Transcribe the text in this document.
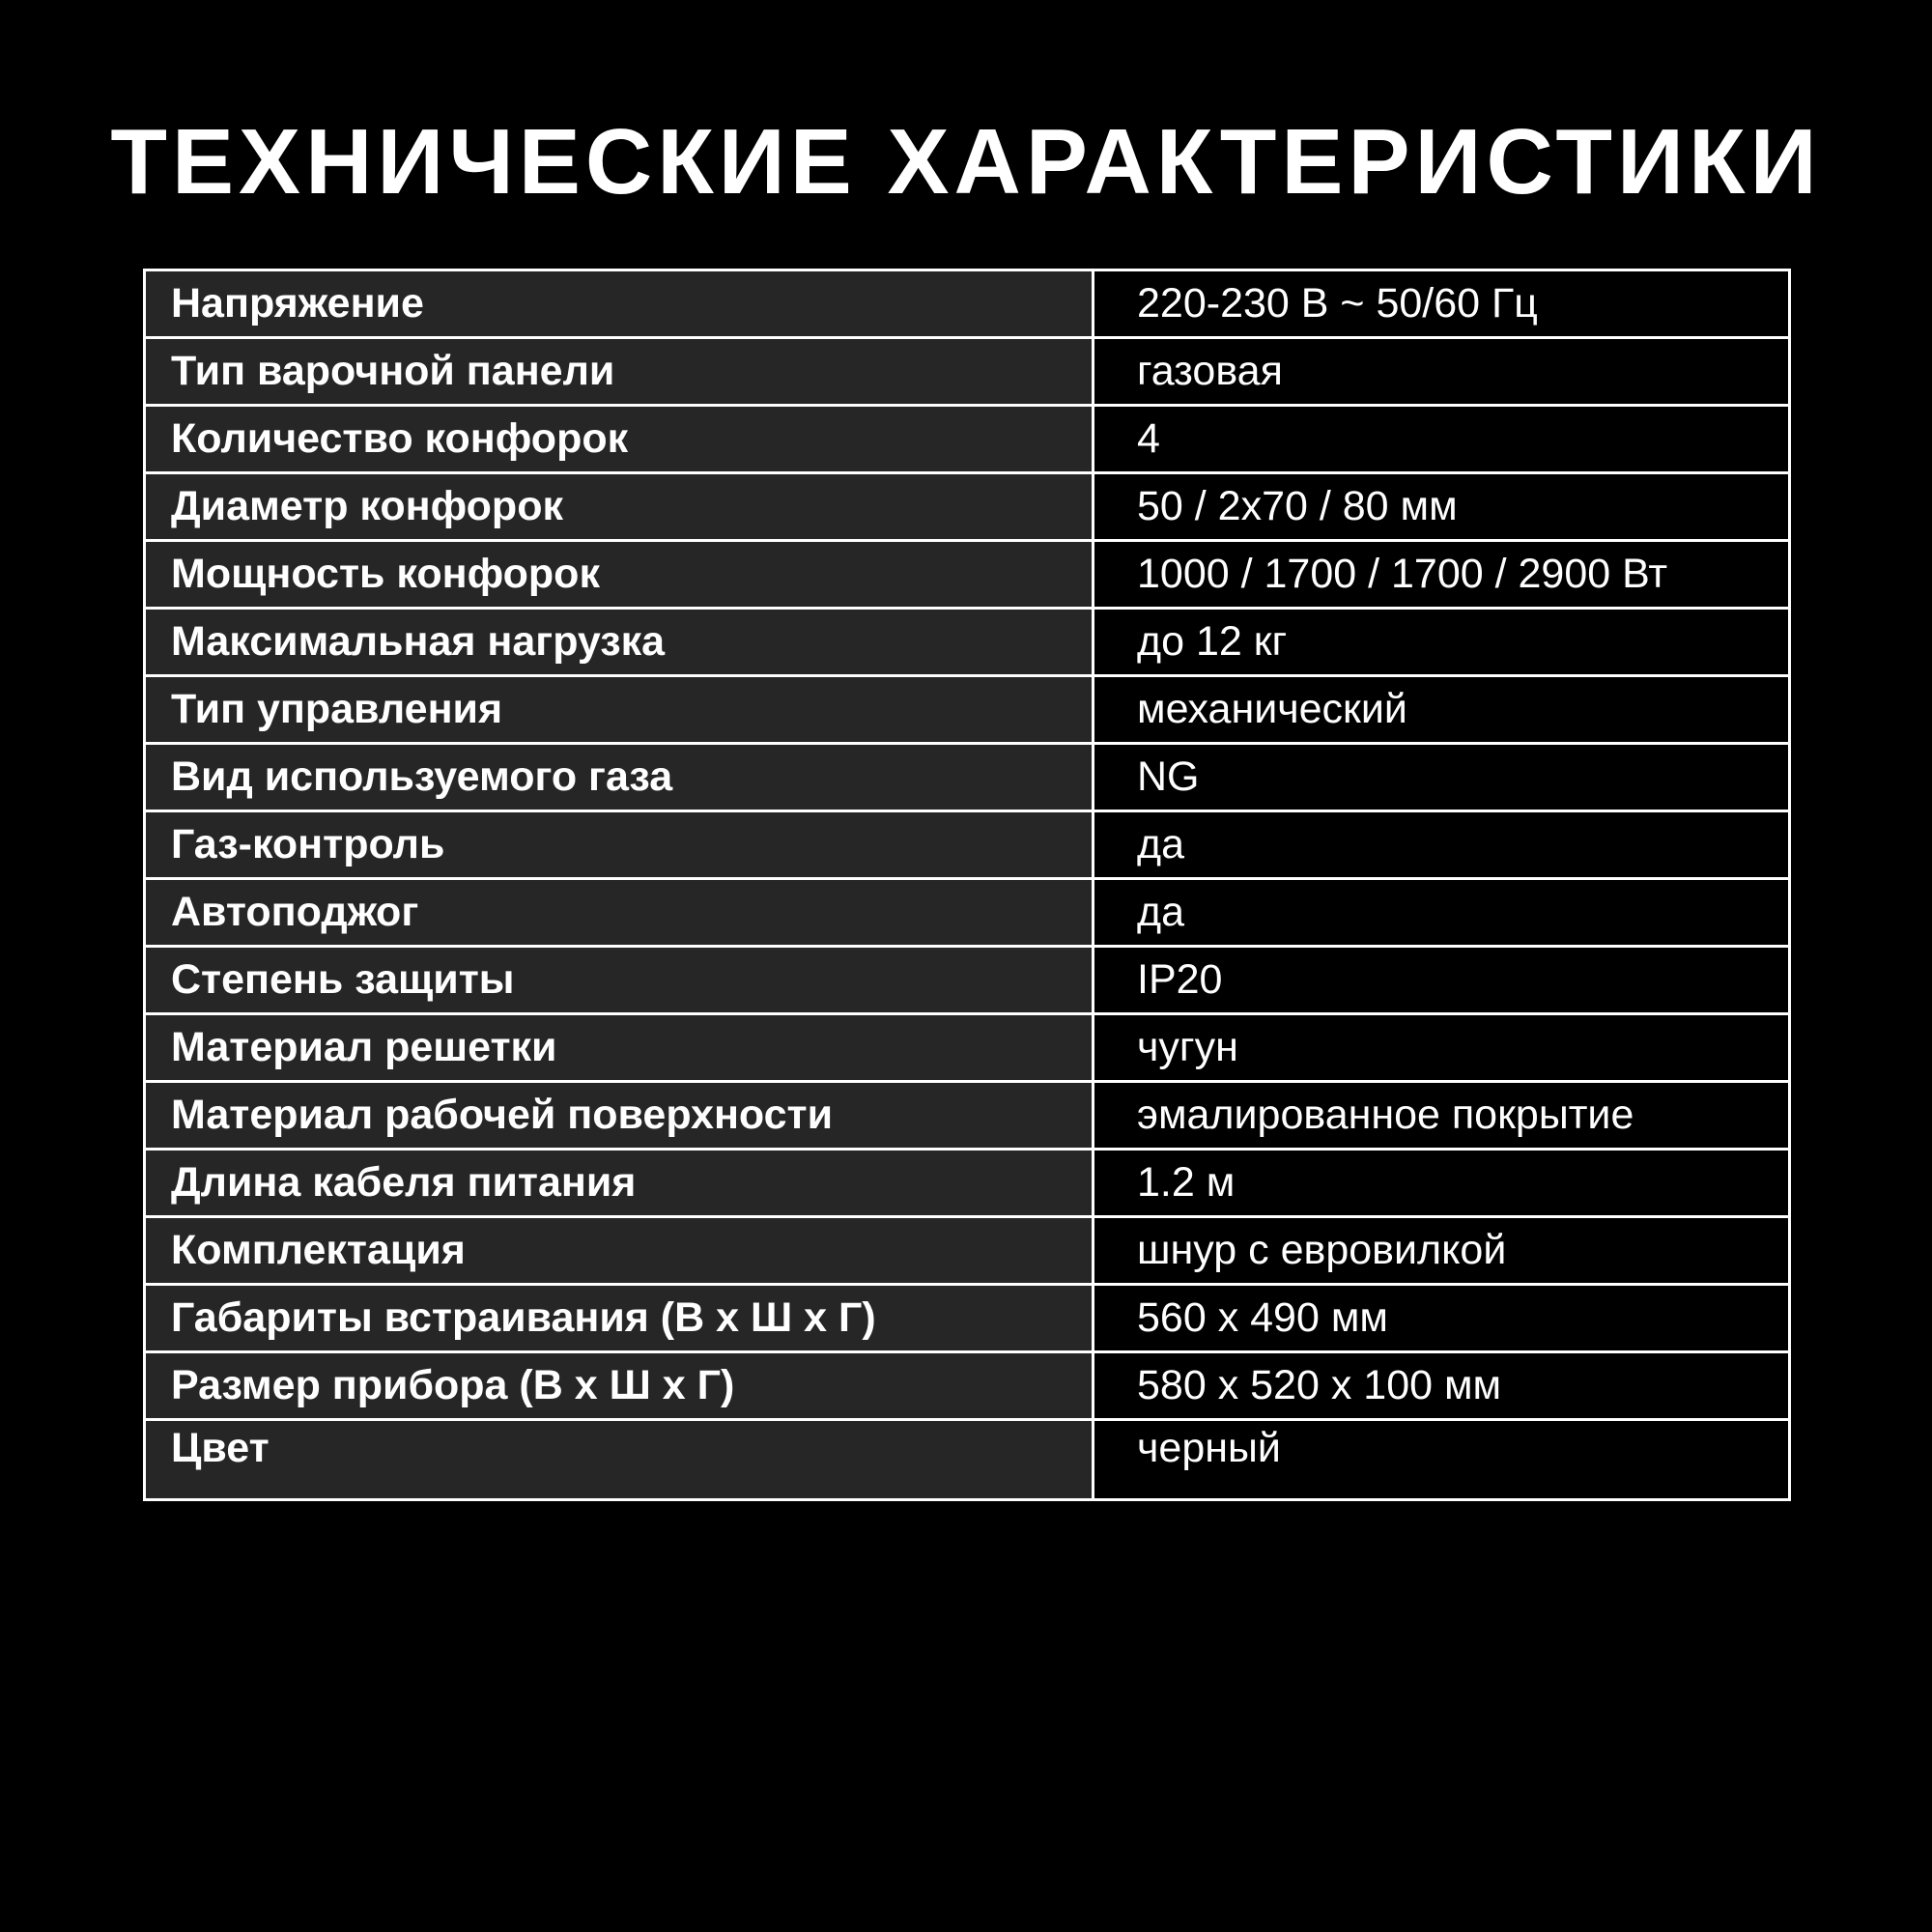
ТЕХНИЧЕСКИЕ ХАРАКТЕРИСТИКИ
Напряжение	220-230 В ~ 50/60 Гц
Тип варочной панели	газовая
Количество конфорок	4
Диаметр конфорок	50 / 2x70 / 80 мм
Мощность конфорок	1000 / 1700 / 1700 / 2900 Вт
Максимальная нагрузка	до 12 кг
Тип управления	механический
Вид используемого газа	NG
Газ-контроль	да
Автоподжог	да
Степень защиты	IP20
Материал решетки	чугун
Материал рабочей поверхности	эмалированное покрытие
Длина кабеля питания	1.2 м
Комплектация	шнур с евровилкой
Габариты встраивания (В х Ш х Г)	560 х 490 мм
Размер прибора (В х Ш х Г)	580 х 520 х 100 мм
Цвет	черный
